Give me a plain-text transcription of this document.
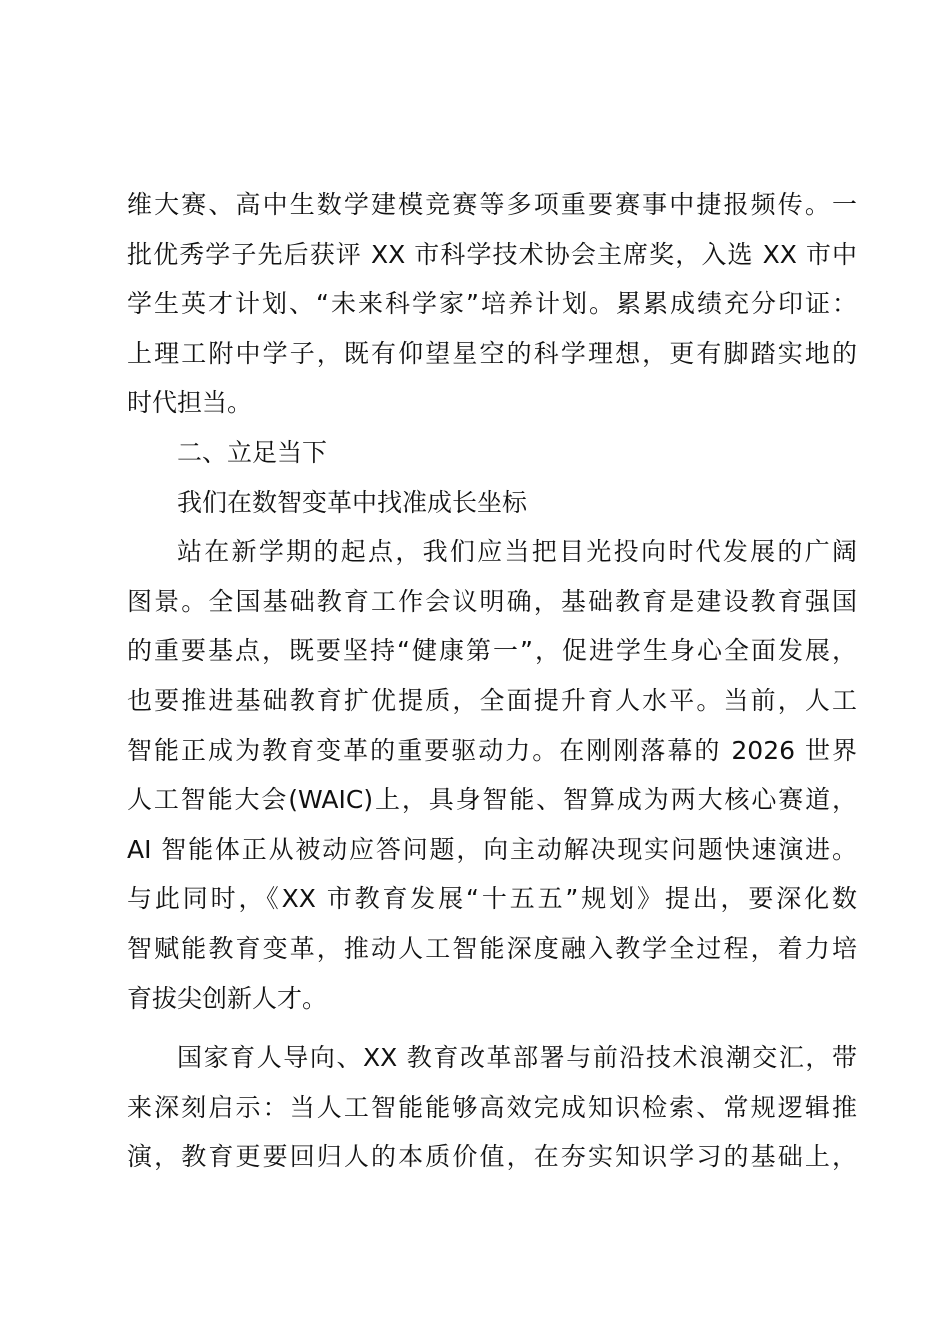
维大赛、高中生数学建模竞赛等多项重要赛事中捷报频传。一
批优秀学子先后获评 XX 市科学技术协会主席奖，入选 XX 市中
学生英才计划、“未来科学家”培养计划。累累成绩充分印证：
上理工附中学子，既有仰望星空的科学理想，更有脚踏实地的
时代担当。
二、立足当下
我们在数智变革中找准成长坐标
站在新学期的起点，我们应当把目光投向时代发展的广阔
图景。全国基础教育工作会议明确，基础教育是建设教育强国
的重要基点，既要坚持“健康第一”，促进学生身心全面发展，
也要推进基础教育扩优提质，全面提升育人水平。当前，人工
智能正成为教育变革的重要驱动力。在刚刚落幕的 2026 世界
人工智能大会(WAIC)上，具身智能、智算成为两大核心赛道，
AI 智能体正从被动应答问题，向主动解决现实问题快速演进。
与此同时，《XX 市教育发展“十五五”规划》提出，要深化数
智赋能教育变革，推动人工智能深度融入教学全过程，着力培
育拔尖创新人才。
国家育人导向、XX 教育改革部署与前沿技术浪潮交汇，带
来深刻启示：当人工智能能够高效完成知识检索、常规逻辑推
演，教育更要回归人的本质价值，在夯实知识学习的基础上，
